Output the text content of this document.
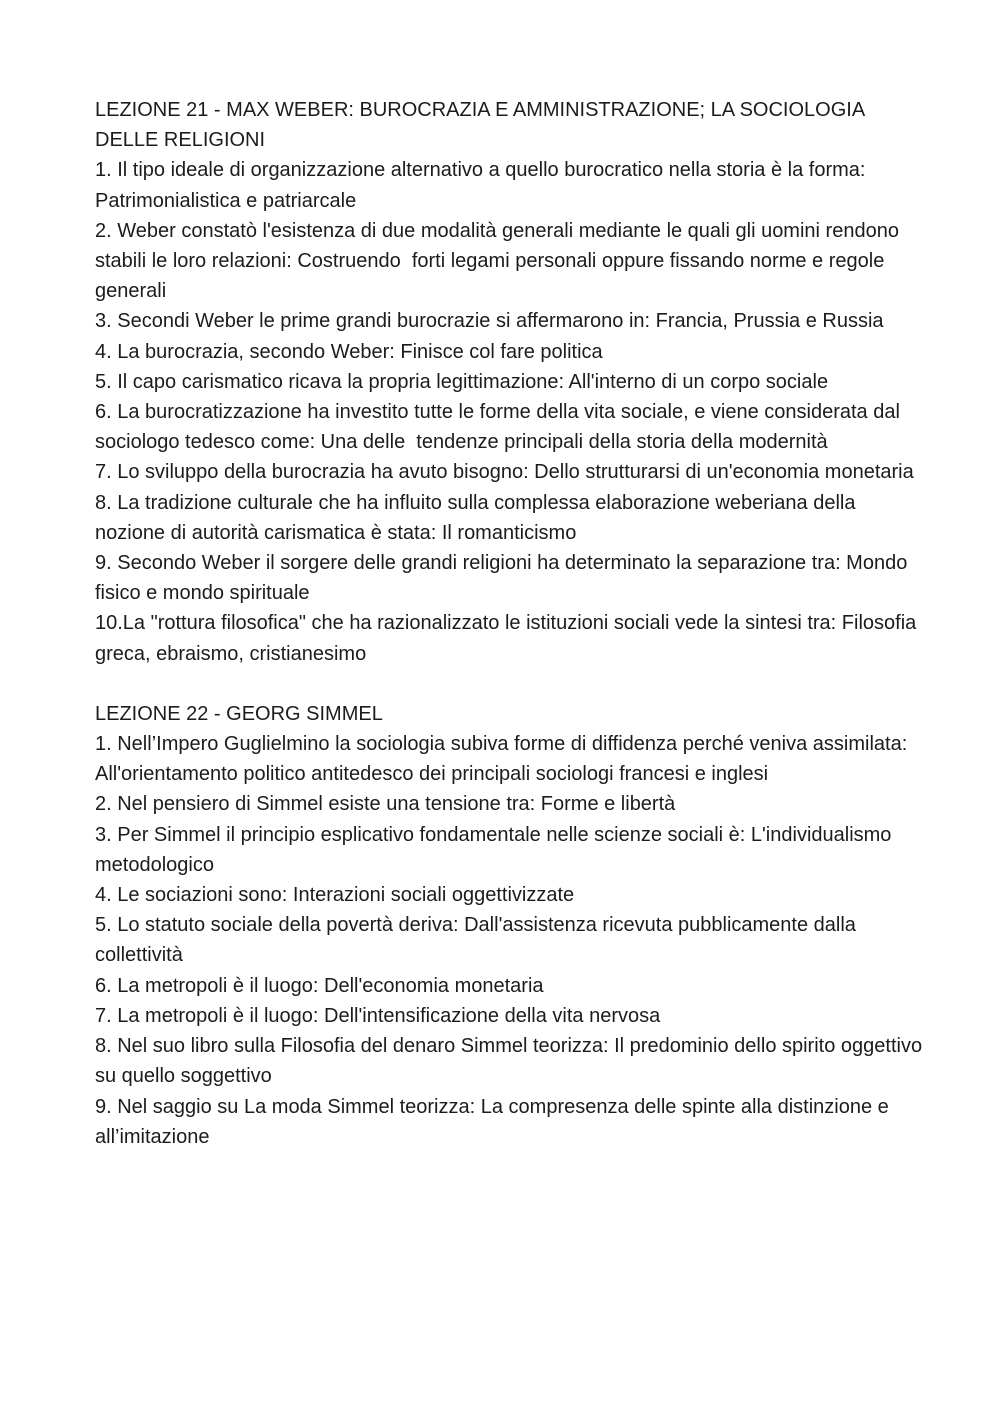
LEZIONE 21 - MAX WEBER: BUROCRAZIA E AMMINISTRAZIONE; LA SOCIOLOGIA DELLE RELIGIONI

1. Il tipo ideale di organizzazione alternativo a quello burocratico nella storia è la forma: Patrimonialistica e patriarcale

2. Weber constatò l'esistenza di due modalità generali mediante le quali gli uomini rendono stabili le loro relazioni: Costruendo  forti legami personali oppure fissando norme e regole generali

3. Secondi Weber le prime grandi burocrazie si affermarono in: Francia, Prussia e Russia

4. La burocrazia, secondo Weber: Finisce col fare politica

5. Il capo carismatico ricava la propria legittimazione: All'interno di un corpo sociale

6. La burocratizzazione ha investito tutte le forme della vita sociale, e viene considerata dal sociologo tedesco come: Una delle  tendenze principali della storia della modernità

7. Lo sviluppo della burocrazia ha avuto bisogno: Dello strutturarsi di un'economia monetaria

8. La tradizione culturale che ha influito sulla complessa elaborazione weberiana della nozione di autorità carismatica è stata: Il romanticismo

9. Secondo Weber il sorgere delle grandi religioni ha determinato la separazione tra: Mondo fisico e mondo spirituale

10.La "rottura filosofica" che ha razionalizzato le istituzioni sociali vede la sintesi tra: Filosofia greca, ebraismo, cristianesimo

LEZIONE 22 - GEORG SIMMEL

1. Nell’Impero Guglielmino la sociologia subiva forme di diffidenza perché veniva assimilata: All'orientamento politico antitedesco dei principali sociologi francesi e inglesi

2. Nel pensiero di Simmel esiste una tensione tra: Forme e libertà

3. Per Simmel il principio esplicativo fondamentale nelle scienze sociali è: L'individualismo metodologico

4. Le sociazioni sono: Interazioni sociali oggettivizzate

5. Lo statuto sociale della povertà deriva: Dall'assistenza ricevuta pubblicamente dalla collettività

6. La metropoli è il luogo: Dell'economia monetaria

7. La metropoli è il luogo: Dell'intensificazione della vita nervosa

8. Nel suo libro sulla Filosofia del denaro Simmel teorizza: Il predominio dello spirito oggettivo su quello soggettivo

9. Nel saggio su La moda Simmel teorizza: La compresenza delle spinte alla distinzione e all’imitazione
